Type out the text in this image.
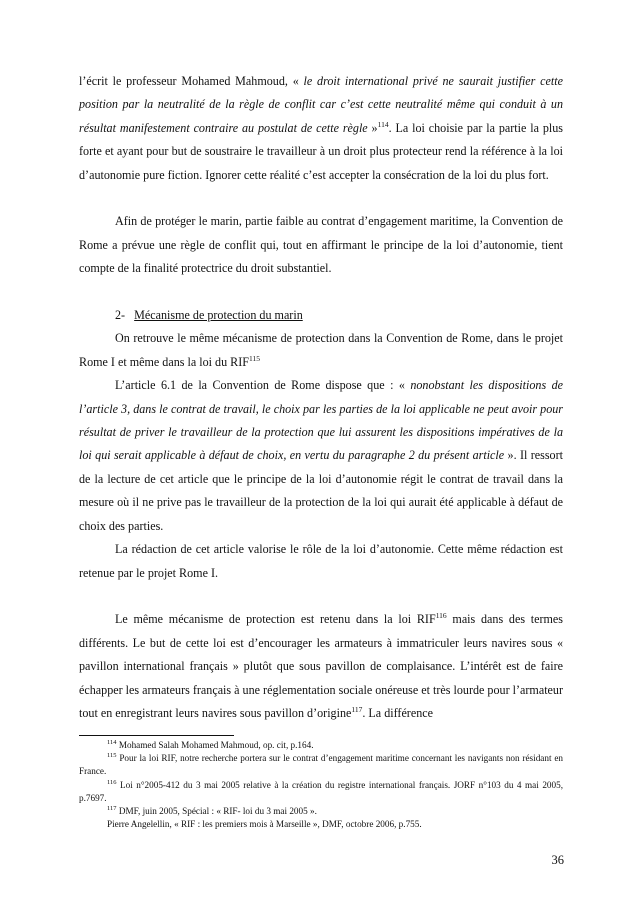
l’écrit le professeur Mohamed Mahmoud, « le droit international privé ne saurait justifier cette position par la neutralité de la règle de conflit car c’est cette neutralité même qui conduit à un résultat manifestement contraire au postulat de cette règle »$^{114}$. La loi choisie par la partie la plus forte et ayant pour but de soustraire le travailleur à un droit plus protecteur rend la référence à la loi d’autonomie pure fiction. Ignorer cette réalité c’est accepter la consécration de la loi du plus fort.

Afin de protéger le marin, partie faible au contrat d’engagement maritime, la Convention de Rome a prévue une règle de conflit qui, tout en affirmant le principe de la loi d’autonomie, tient compte de la finalité protectrice du droit substantiel.

2- Mécanisme de protection du marin

On retrouve le même mécanisme de protection dans la Convention de Rome, dans le projet Rome I et même dans la loi du RIF$^{115}$

L’article 6.1 de la Convention de Rome dispose que : « nonobstant les dispositions de l’article 3, dans le contrat de travail, le choix par les parties de la loi applicable ne peut avoir pour résultat de priver le travailleur de la protection que lui assurent les dispositions impératives de la loi qui serait applicable à défaut de choix, en vertu du paragraphe 2 du présent article ». Il ressort de la lecture de cet article que le principe de la loi d’autonomie régit le contrat de travail dans la mesure où il ne prive pas le travailleur de la protection de la loi qui aurait été applicable à défaut de choix des parties.

La rédaction de cet article valorise le rôle de la loi d’autonomie. Cette même rédaction est retenue par le projet Rome I.

Le même mécanisme de protection est retenu dans la loi RIF$^{116}$ mais dans des termes différents. Le but de cette loi est d’encourager les armateurs à immatriculer leurs navires sous « pavillon international français » plutôt que sous pavillon de complaisance. L’intérêt est de faire échapper les armateurs français à une réglementation sociale onéreuse et très lourde pour l’armateur tout en enregistrant leurs navires sous pavillon d’origine$^{117}$. La différence

$^{114}$ Mohamed Salah Mohamed Mahmoud, op. cit, p.164.

$^{115}$ Pour la loi RIF, notre recherche portera sur le contrat d’engagement maritime concernant les navigants non résidant en France.

$^{116}$ Loi n°2005-412 du 3 mai 2005 relative à la création du registre international français. JORF n°103 du 4 mai 2005, p.7697.

$^{117}$ DMF, juin 2005, Spécial : « RIF- loi du 3 mai 2005 ».

Pierre Angelellin, « RIF : les premiers mois à Marseille », DMF, octobre 2006, p.755.

36
